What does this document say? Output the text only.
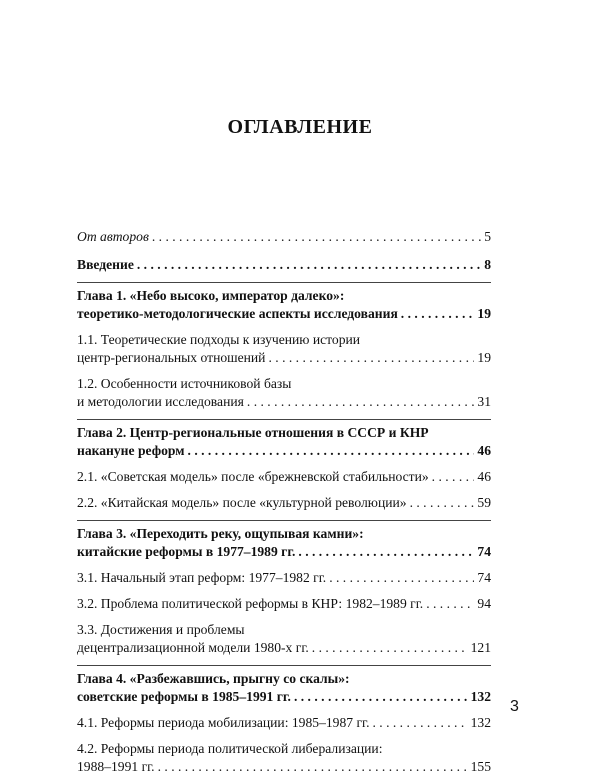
ОГЛАВЛЕНИЕ
От авторов . . .	5
Введение . . .	8
Глава 1. «Небо высоко, император далеко»:
теоретико-методологические аспекты исследования . . .	19
1.1. Теоретические подходы к изучению истории
центр-региональных отношений . . .	19
1.2. Особенности источниковой базы
и методологии исследования . . .	31
Глава 2. Центр-региональные отношения в СССР и КНР
накануне реформ . . .	46
2.1. «Советская модель» после «брежневской стабильности» . . .	46
2.2. «Китайская модель» после «культурной революции» . . .	59
Глава 3. «Переходить реку, ощупывая камни»:
китайские реформы в 1977–1989 гг. . . .	74
3.1. Начальный этап реформ: 1977–1982 гг. . . .	74
3.2. Проблема политической реформы в КНР: 1982–1989 гг. . . .	94
3.3. Достижения и проблемы
децентрализационной модели 1980-х гг. . . .	121
Глава 4. «Разбежавшись, прыгну со скалы»:
советские реформы в 1985–1991 гг. . . .	132
4.1. Реформы периода мобилизации: 1985–1987 гг. . . .	132
4.2. Реформы периода политической либерализации:
1988–1991 гг. . . .	155
3
